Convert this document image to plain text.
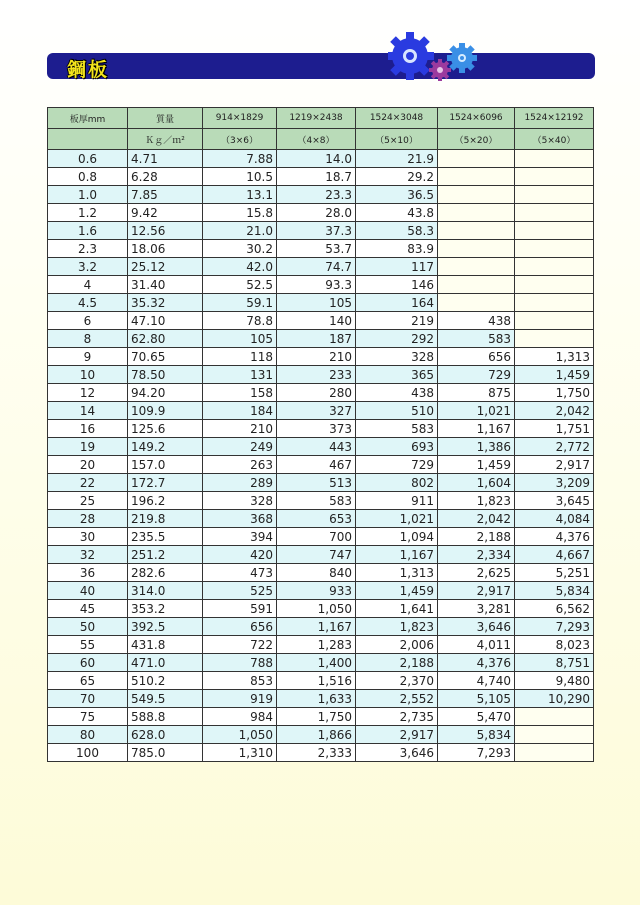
鋼板
板厚mm	質量	914×1829	1219×2438	1524×3048	1524×6096	1524×12192
	Ｋｇ／ｍ²	（3×6）	（4×8）	（5×10）	（5×20）	（5×40）
0.6	4.71	7.88	14.0	21.9		
0.8	6.28	10.5	18.7	29.2		
1.0	7.85	13.1	23.3	36.5		
1.2	9.42	15.8	28.0	43.8		
1.6	12.56	21.0	37.3	58.3		
2.3	18.06	30.2	53.7	83.9		
3.2	25.12	42.0	74.7	117		
4	31.40	52.5	93.3	146		
4.5	35.32	59.1	105	164		
6	47.10	78.8	140	219	438	
8	62.80	105	187	292	583	
9	70.65	118	210	328	656	1,313
10	78.50	131	233	365	729	1,459
12	94.20	158	280	438	875	1,750
14	109.9	184	327	510	1,021	2,042
16	125.6	210	373	583	1,167	1,751
19	149.2	249	443	693	1,386	2,772
20	157.0	263	467	729	1,459	2,917
22	172.7	289	513	802	1,604	3,209
25	196.2	328	583	911	1,823	3,645
28	219.8	368	653	1,021	2,042	4,084
30	235.5	394	700	1,094	2,188	4,376
32	251.2	420	747	1,167	2,334	4,667
36	282.6	473	840	1,313	2,625	5,251
40	314.0	525	933	1,459	2,917	5,834
45	353.2	591	1,050	1,641	3,281	6,562
50	392.5	656	1,167	1,823	3,646	7,293
55	431.8	722	1,283	2,006	4,011	8,023
60	471.0	788	1,400	2,188	4,376	8,751
65	510.2	853	1,516	2,370	4,740	9,480
70	549.5	919	1,633	2,552	5,105	10,290
75	588.8	984	1,750	2,735	5,470	
80	628.0	1,050	1,866	2,917	5,834	
100	785.0	1,310	2,333	3,646	7,293	
